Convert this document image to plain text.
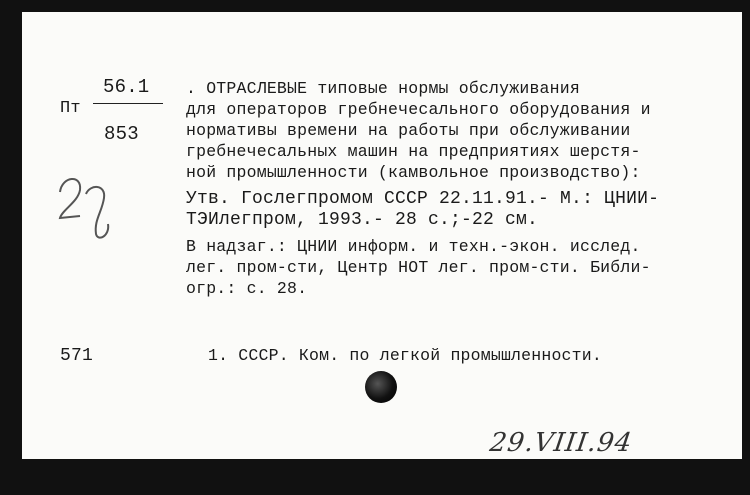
56.1
Пт
853
. ОТРАСЛЕВЫЕ типовые нормы обслуживания
для операторов гребнечесального оборудования и
нормативы времени на работы при обслуживании
гребнечесальных машин на предприятиях шерстя-
ной промышленности (камвольное производство):
Утв. Гослегпромом СССР 22.11.91.- М.: ЦНИИ-
ТЭИлегпром, 1993.- 28 с.;-22 см.
В надзаг.: ЦНИИ информ. и техн.-экон. исслед.
лег. пром-сти, Центр НОТ лег. пром-сти. Библи-
огр.: с. 28.
571	1. СССР. Ком. по легкой промышленности.
29.VIII.94
